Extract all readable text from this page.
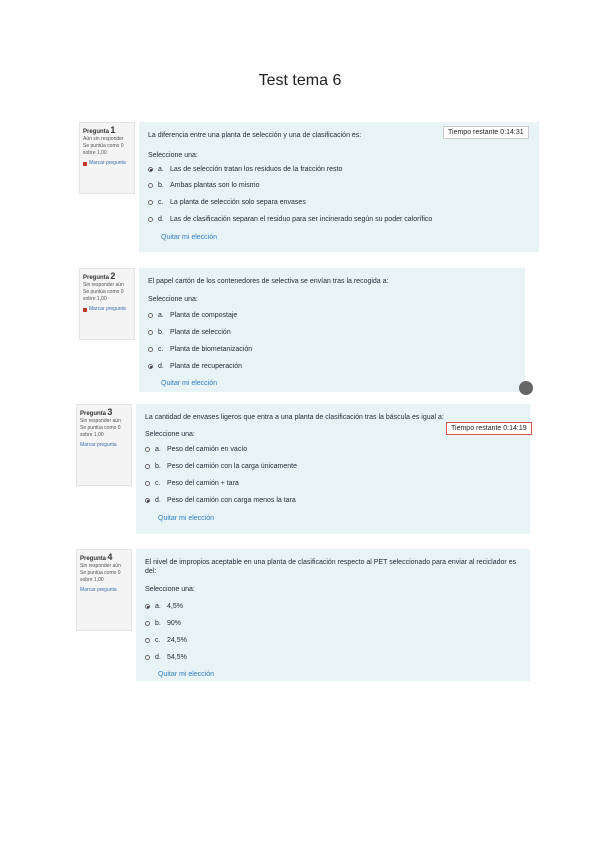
Test tema 6
Pregunta 1
Aún sin responder
Se puntúa como 0 sobre 1,00
Marcar pregunta
La diferencia entre una planta de selección y una de clasificación es:
Seleccione una:
a. Las de selección tratan los residuos de la fracción resto
b. Ambas plantas son lo mismo
c. La planta de selección solo separa envases
d. Las de clasificación separan el residuo para ser incinerado según su poder calorífico
Quitar mi elección
Tiempo restante 0:14:31
Pregunta 2
Sin responder aún
Se puntúa como 0 sobre 1,00
Marcar pregunta
El papel cartón de los contenedores de selectiva se envían tras la recogida a:
Seleccione una:
a. Planta de compostaje
b. Planta de selección
c. Planta de biometanización
d. Planta de recuperación
Quitar mi elección
Pregunta 3
Sin responder aún
Se puntúa como 0 sobre 1,00
Marcar pregunta
La cantidad de envases ligeros que entra a una planta de clasificación tras la báscula es igual a:
Seleccione una:
a. Peso del camión en vacío
b. Peso del camión con la carga únicamente
c. Peso del camión + tara
d. Peso del camión con carga menos la tara
Quitar mi elección
Tiempo restante 0:14:19
Pregunta 4
Sin responder aún
Se puntúa como 0 sobre 1,00
Marcar pregunta
El nivel de impropios aceptable en una planta de clasificación respecto al PET seleccionado para enviar al reciclador es del:
Seleccione una:
a. 4,5%
b. 90%
c. 24,5%
d. 54,5%
Quitar mi elección
